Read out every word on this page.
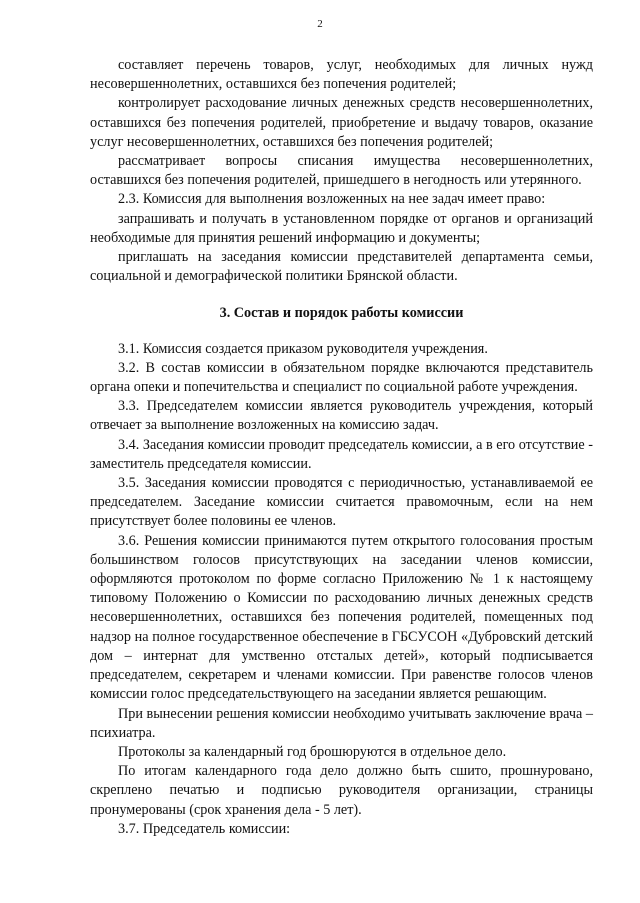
2

составляет перечень товаров, услуг, необходимых для личных нужд несовершеннолетних, оставшихся без попечения родителей;

контролирует расходование личных денежных средств несовершеннолетних, оставшихся без попечения родителей, приобретение и выдачу товаров, оказание услуг несовершеннолетних, оставшихся без попечения родителей;

рассматривает вопросы списания имущества несовершеннолетних, оставшихся без попечения родителей, пришедшего в негодность или утерянного.

2.3. Комиссия для выполнения возложенных на нее задач имеет право:

запрашивать и получать в установленном порядке от органов и организаций необходимые для принятия решений информацию и документы;

приглашать на заседания комиссии представителей департамента семьи, социальной и демографической политики Брянской области.

3. Состав и порядок работы комиссии

3.1. Комиссия создается приказом руководителя учреждения.

3.2. В состав комиссии в обязательном порядке включаются представитель органа опеки и попечительства и специалист по социальной работе учреждения.

3.3. Председателем комиссии является руководитель учреждения, который отвечает за выполнение возложенных на комиссию задач.

3.4. Заседания комиссии проводит председатель комиссии, а в его отсутствие - заместитель председателя комиссии.

3.5. Заседания комиссии проводятся с периодичностью, устанавливаемой ее председателем. Заседание комиссии считается правомочным, если на нем присутствует более половины ее членов.

3.6. Решения комиссии принимаются путем открытого голосования простым большинством голосов присутствующих на заседании членов комиссии, оформляются протоколом по форме согласно Приложению № 1 к настоящему типовому Положению о Комиссии по расходованию личных денежных средств несовершеннолетних, оставшихся без попечения родителей, помещенных под надзор на полное государственное обеспечение в ГБСУСОН «Дубровский детский дом – интернат для умственно отсталых детей», который подписывается председателем, секретарем и членами комиссии. При равенстве голосов членов комиссии голос председательствующего на заседании является решающим.

При вынесении решения комиссии необходимо учитывать заключение врача – психиатра.

Протоколы за календарный год брошюруются в отдельное дело.

По итогам календарного года дело должно быть сшито, прошнуровано, скреплено печатью и подписью руководителя организации, страницы пронумерованы (срок хранения дела - 5 лет).

3.7. Председатель комиссии:
